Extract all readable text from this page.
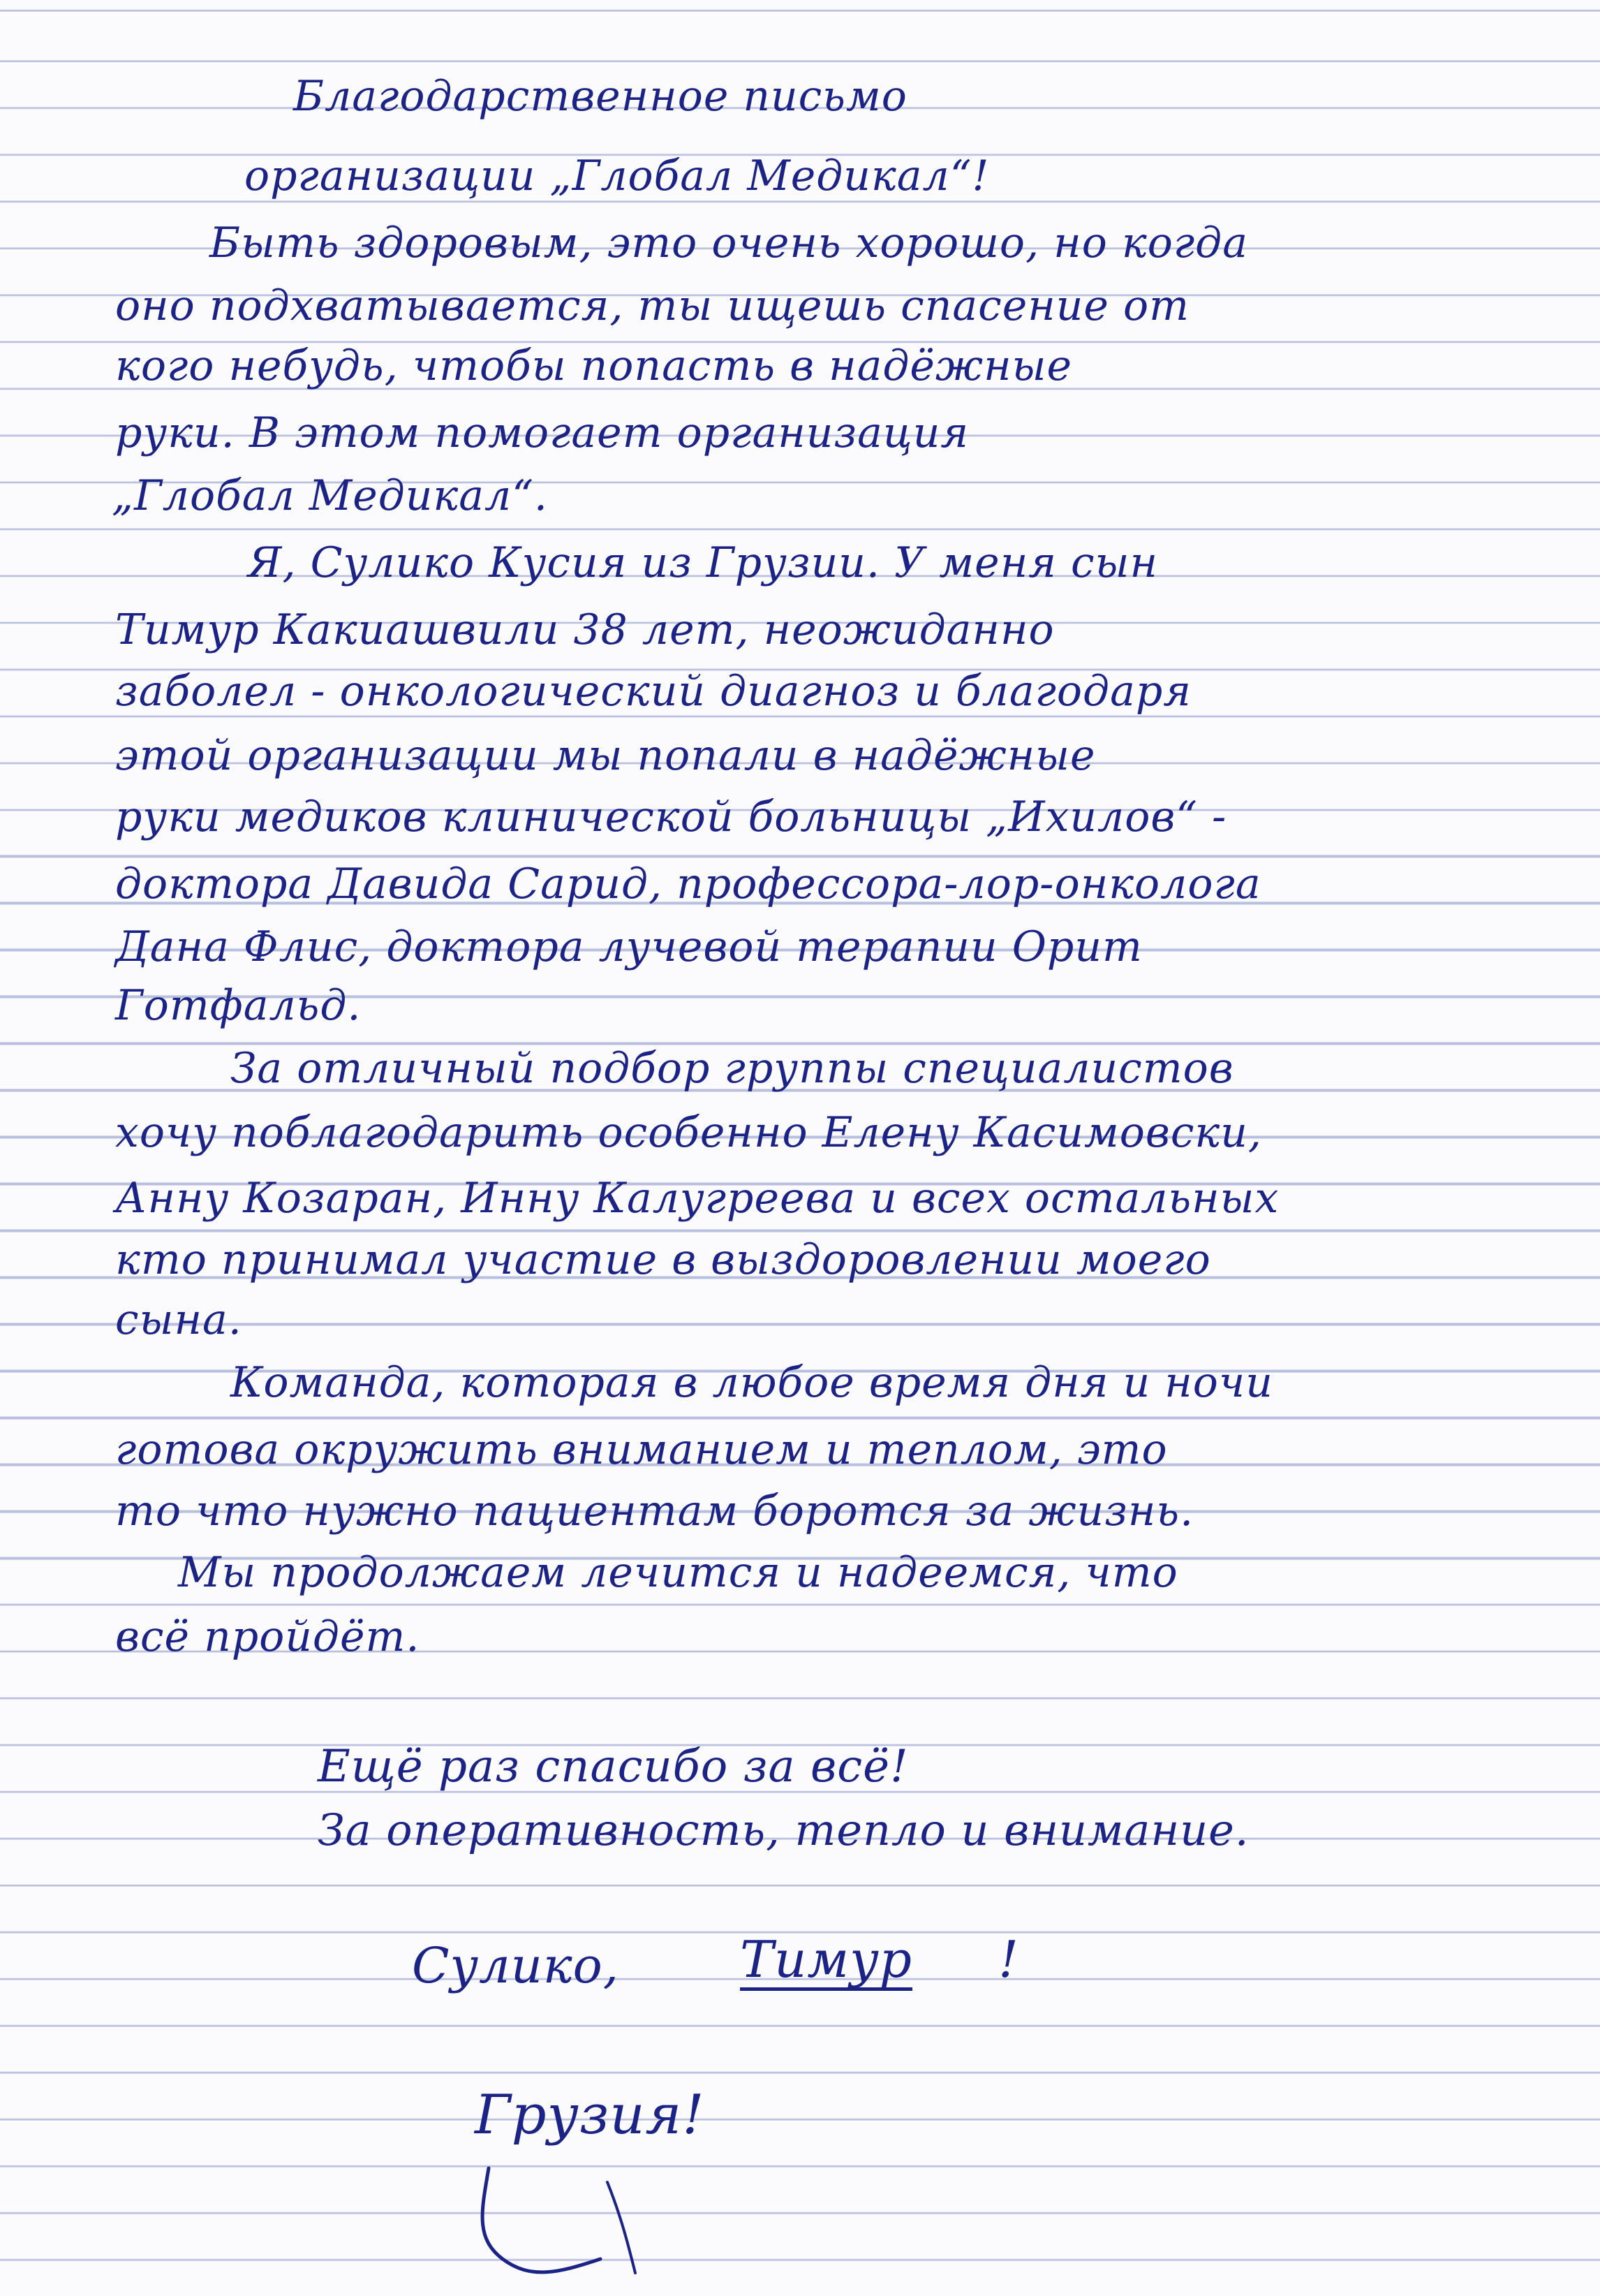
Благодарственное письмо

организации „Глобал Медикал“!

Быть здоровым, это очень хорошо, но когда

оно подхватывается, ты ищешь спасение от

кого небудь, чтобы попасть в надёжные

руки. В этом помогает организация

„Глобал Медикал“.

Я, Сулико Кусия из Грузии. У меня сын

Тимур Какиашвили 38 лет, неожиданно

заболел - онкологический диагноз и благодаря

этой организации мы попали в надёжные

руки медиков клинической больницы „Ихилов“ -

доктора Давида Сарид, профессора-лор-онколога

Дана Флис, доктора лучевой терапии Орит

Готфальд.

За отличный подбор группы специалистов

хочу поблагодарить особенно Елену Касимовски,

Анну Козаран, Инну Калугреева и всех остальных

кто принимал участие в выздоровлении моего

сына.

Команда, которая в любое время дня и ночи

готова окружить вниманием и теплом, это

то что нужно пациентам боротся за жизнь.

Мы продолжаем лечится и надеемся, что

всё пройдёт.

Ещё раз спасибо за всё!

За оперативность, тепло и внимание.

Сулико, Тимур !

Грузия!
